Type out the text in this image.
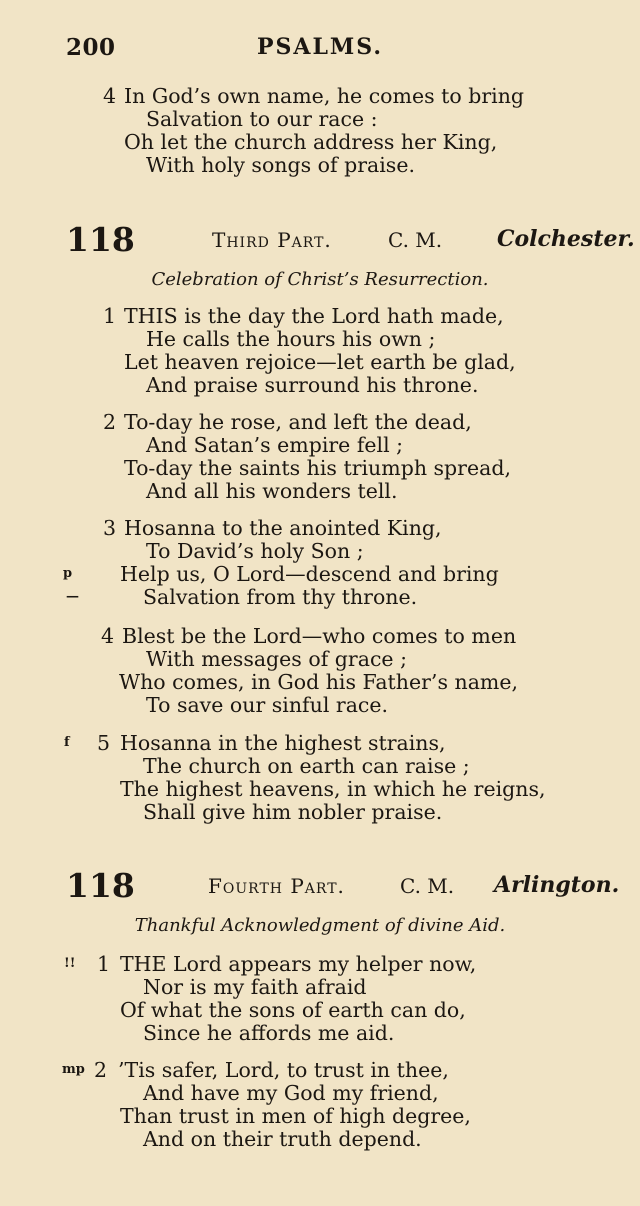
200	PSALMS.
4 In God’s own name, he comes to bring
Salvation to our race :
Oh let the church address her King,
With holy songs of praise.
118	Third Part.	C. M. Colchester.
Celebration of Christ’s Resurrection.
1 THIS is the day the Lord hath made,
He calls the hours his own ;
Let heaven rejoice—let earth be glad,
And praise surround his throne.
2 To-day he rose, and left the dead,
And Satan’s empire fell ;
To-day the saints his triumph spread,
And all his wonders tell.
3 Hosanna to the anointed King,
To David’s holy Son ;
p Help us, O Lord—descend and bring
—	Salvation from thy throne.
4 Blest be the Lord—who comes to men
With messages of grace ;
Who comes, in God his Father’s name,
To save our sinful race.
f 5 Hosanna in the highest strains,
The church on earth can raise ;
The highest heavens, in which he reigns,
Shall give him nobler praise.
118	Fourth Part.	C. M. Arlington.
Thankful Acknowledgment of divine Aid.
!! 1 THE Lord appears my helper now,
Nor is my faith afraid
Of what the sons of earth can do,
Since he affords me aid.
mp 2 ’Tis safer, Lord, to trust in thee,
And have my God my friend,
Than trust in men of high degree,
And on their truth depend.
